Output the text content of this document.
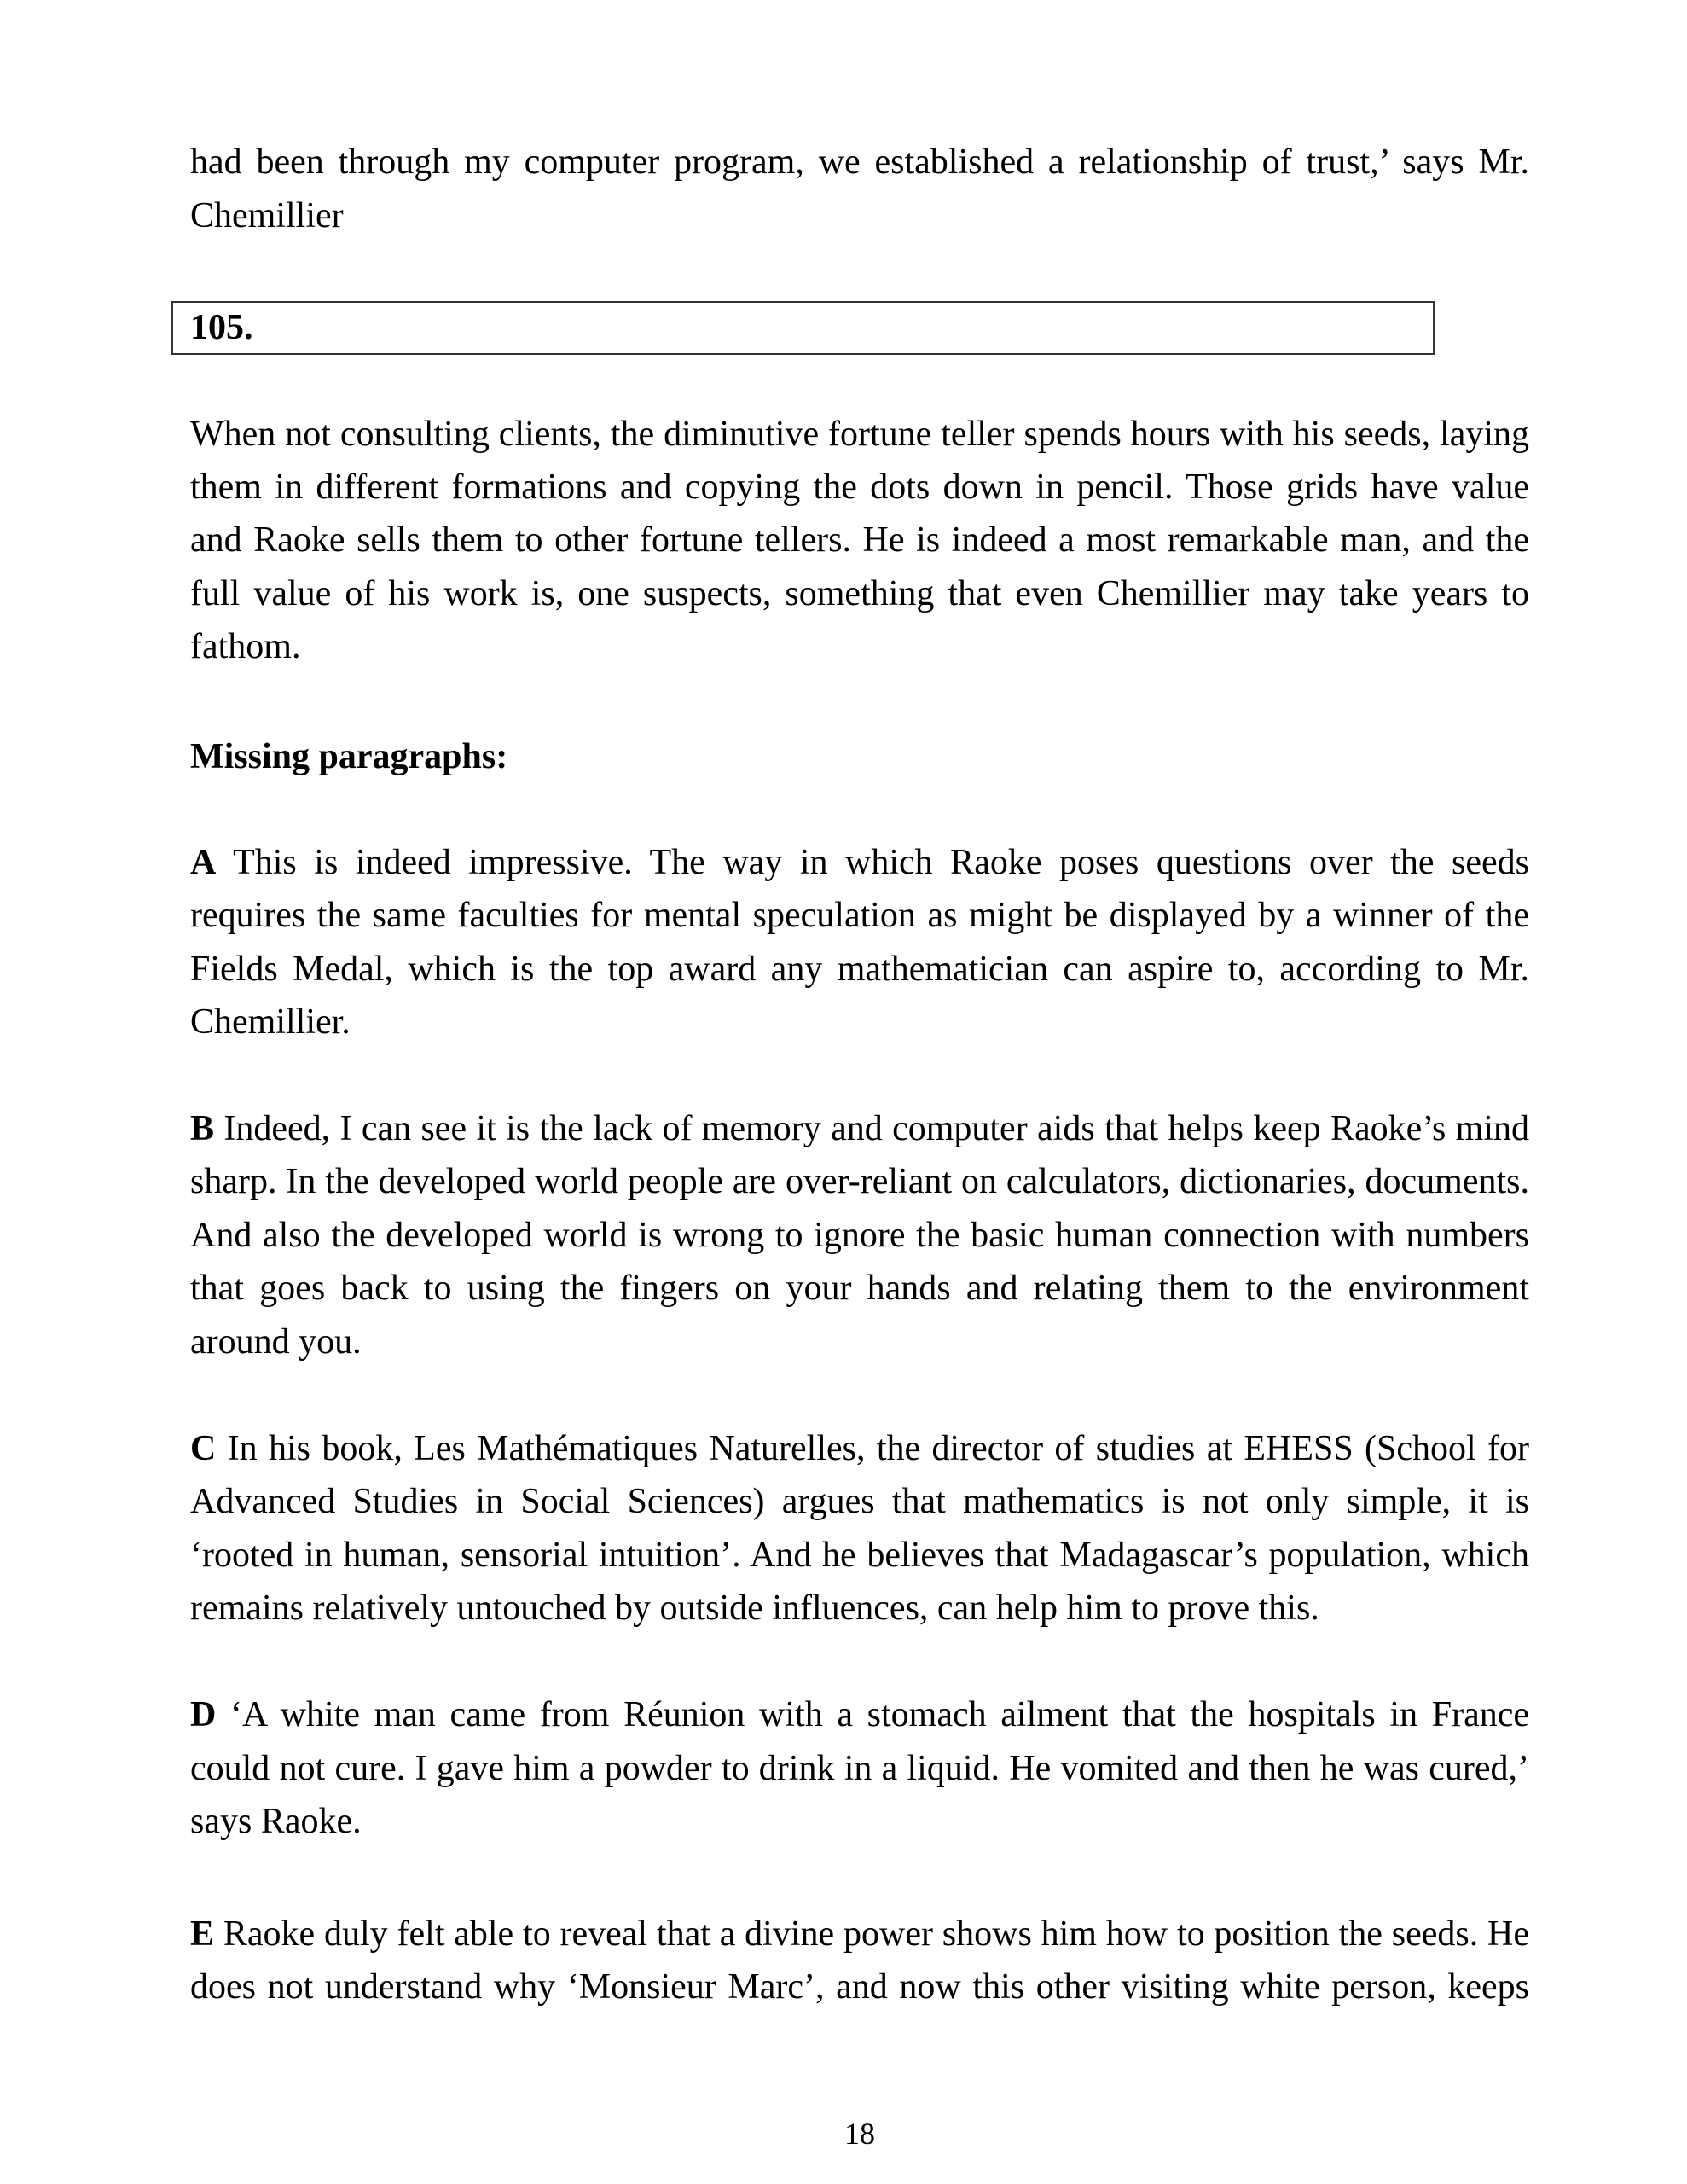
had been through my computer program, we established a relationship of trust,’ says Mr.
Chemillier
105.
When not consulting clients, the diminutive fortune teller spends hours with his seeds, laying
them in different formations and copying the dots down in pencil. Those grids have value
and Raoke sells them to other fortune tellers. He is indeed a most remarkable man, and the
full value of his work is, one suspects, something that even Chemillier may take years to
fathom.
Missing paragraphs:
A This is indeed impressive. The way in which Raoke poses questions over the seeds
requires the same faculties for mental speculation as might be displayed by a winner of the
Fields Medal, which is the top award any mathematician can aspire to, according to Mr.
Chemillier.
B Indeed, I can see it is the lack of memory and computer aids that helps keep Raoke’s mind
sharp. In the developed world people are over-reliant on calculators, dictionaries, documents.
And also the developed world is wrong to ignore the basic human connection with numbers
that goes back to using the fingers on your hands and relating them to the environment
around you.
C In his book, Les Mathématiques Naturelles, the director of studies at EHESS (School for
Advanced Studies in Social Sciences) argues that mathematics is not only simple, it is
‘rooted in human, sensorial intuition’. And he believes that Madagascar’s population, which
remains relatively untouched by outside influences, can help him to prove this.
D ‘A white man came from Réunion with a stomach ailment that the hospitals in France
could not cure. I gave him a powder to drink in a liquid. He vomited and then he was cured,’
says Raoke.
E Raoke duly felt able to reveal that a divine power shows him how to position the seeds. He
does not understand why ‘Monsieur Marc’, and now this other visiting white person, keeps
18
